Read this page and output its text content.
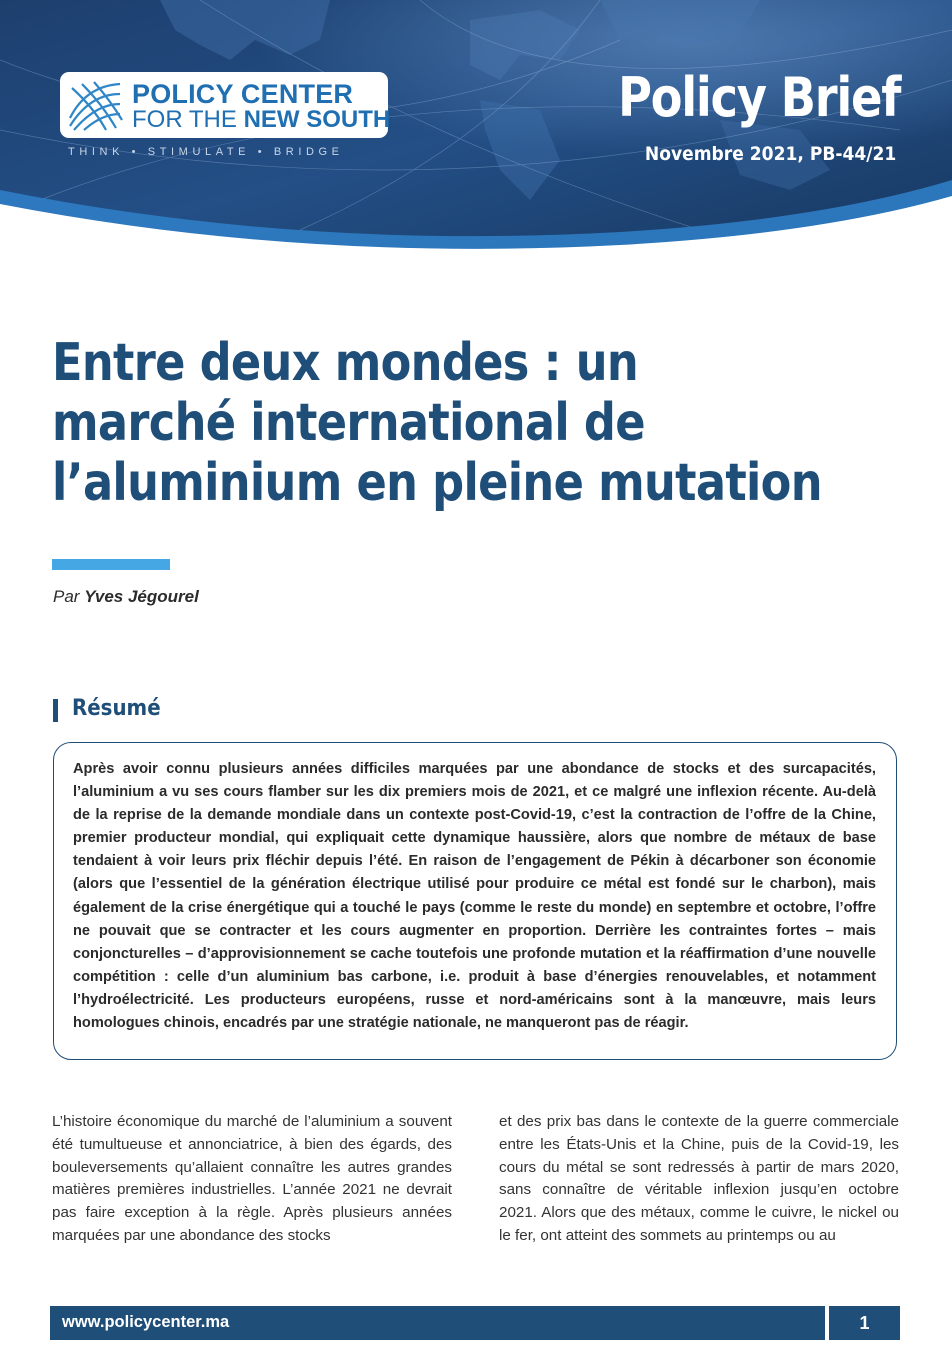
POLICY CENTER
FOR THE NEW SOUTH
THINK • STIMULATE • BRIDGE
Policy Brief
Novembre 2021, PB-44/21
Entre deux mondes : un marché international de l’aluminium en pleine mutation
Par Yves Jégourel
Résumé

Après avoir connu plusieurs années difficiles marquées par une abondance de stocks et des surcapacités, l’aluminium a vu ses cours flamber sur les dix premiers mois de 2021, et ce malgré une inflexion récente. Au-delà de la reprise de la demande mondiale dans un contexte post-Covid-19, c’est la contraction de l’offre de la Chine, premier producteur mondial, qui expliquait cette dynamique haussière, alors que nombre de métaux de base tendaient à voir leurs prix fléchir depuis l’été. En raison de l’engagement de Pékin à décarboner son économie (alors que l’essentiel de la génération électrique utilisé pour produire ce métal est fondé sur le charbon), mais également de la crise énergétique qui a touché le pays (comme le reste du monde) en septembre et octobre, l’offre ne pouvait que se contracter et les cours augmenter en proportion. Derrière les contraintes fortes – mais conjoncturelles – d’approvisionnement se cache toutefois une profonde mutation et la réaffirmation d’une nouvelle compétition : celle d’un aluminium bas carbone, i.e. produit à base d’énergies renouvelables, et notamment l’hydroélectricité. Les producteurs européens, russe et nord-américains sont à la manœuvre, mais leurs homologues chinois, encadrés par une stratégie nationale, ne manqueront pas de réagir.

L’histoire économique du marché de l’aluminium a souvent été tumultueuse et annonciatrice, à bien des égards, des bouleversements qu’allaient connaître les autres grandes matières premières industrielles. L’année 2021 ne devrait pas faire exception à la règle. Après plusieurs années marquées par une abondance des stocks

et des prix bas dans le contexte de la guerre commerciale entre les États-Unis et la Chine, puis de la Covid-19, les cours du métal se sont redressés à partir de mars 2020, sans connaître de véritable inflexion jusqu’en octobre 2021. Alors que des métaux, comme le cuivre, le nickel ou le fer, ont atteint des sommets au printemps ou au

www.policycenter.ma	1
